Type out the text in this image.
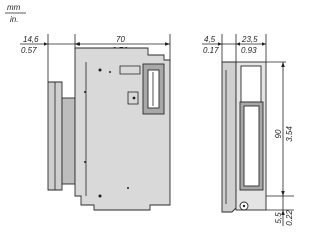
mm
in.
14,6
0.57
70	4,5
0.17
23,5
0.93
90 3.54
5,5 0.22
